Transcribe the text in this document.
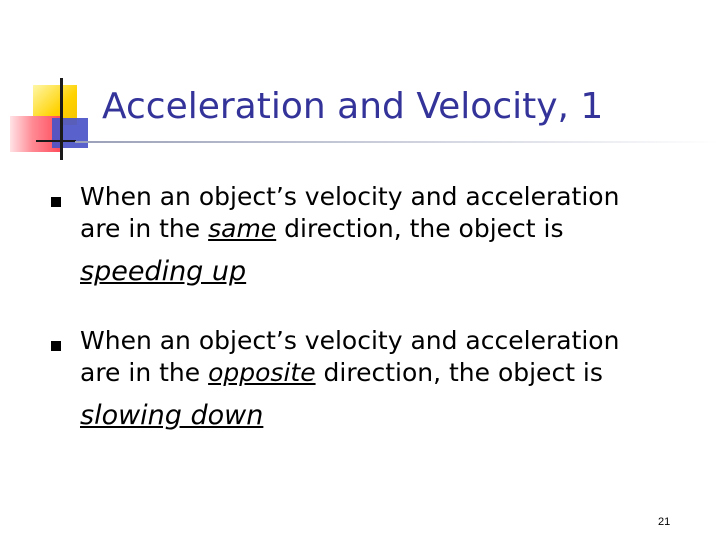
Acceleration and Velocity, 1
When an object’s velocity and acceleration
are in the same direction, the object is
speeding up
When an object’s velocity and acceleration
are in the opposite direction, the object is
slowing down
21
